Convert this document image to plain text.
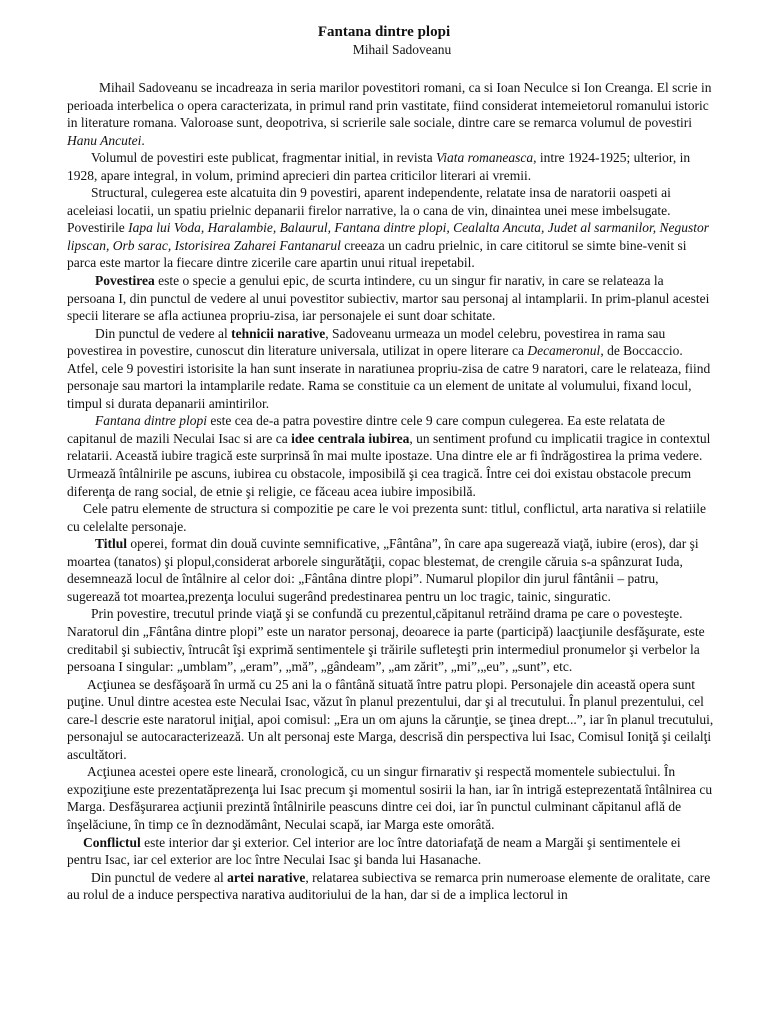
Fantana dintre plopi
Mihail Sadoveanu

Mihail Sadoveanu se incadreaza in seria marilor povestitori romani, ca si Ioan Neculce si Ion Creanga. El scrie in perioada interbelica o opera caracterizata, in primul rand prin vastitate, fiind considerat intemeietorul romanului istoric in literature romana. Valoroase sunt, deopotriva, si scrierile sale sociale, dintre care se remarca volumul de povestiri Hanu Ancutei.

Volumul de povestiri este publicat, fragmentar initial, in revista Viata romaneasca, intre 1924-1925; ulterior, in 1928, apare integral, in volum, primind aprecieri din partea criticilor literari ai vremii.

Structural, culegerea este alcatuita din 9 povestiri, aparent independente, relatate insa de naratorii oaspeti ai aceleiasi locatii, un spatiu prielnic depanarii firelor narrative, la o cana de vin, dinaintea unei mese imbelsugate. Povestirile Iapa lui Voda, Haralambie, Balaurul, Fantana dintre plopi, Cealalta Ancuta, Judet al sarmanilor, Negustor lipscan, Orb sarac, Istorisirea Zaharei Fantanarul creeaza un cadru prielnic, in care cititorul se simte bine-venit si parca este martor la fiecare dintre zicerile care apartin unui ritual irepetabil.

Povestirea este o specie a genului epic, de scurta intindere, cu un singur fir narativ, in care se relateaza la persoana I, din punctul de vedere al unui povestitor subiectiv, martor sau personaj al intamplarii. In prim-planul acestei specii literare se afla actiunea propriu-zisa, iar personajele ei sunt doar schitate.

Din punctul de vedere al tehnicii narative, Sadoveanu urmeaza un model celebru, povestirea in rama sau povestirea in povestire, cunoscut din literature universala, utilizat in opere literare ca Decameronul, de Boccaccio. Atfel, cele 9 povestiri istorisite la han sunt inserate in naratiunea propriu-zisa de catre 9 naratori, care le relateaza, fiind personaje sau martori la intamplarile redate. Rama se constituie ca un element de unitate al volumului, fixand locul, timpul si durata depanarii amintirilor.

Fantana dintre plopi este cea de-a patra povestire dintre cele 9 care compun culegerea. Ea este relatata de capitanul de mazili Neculai Isac si are ca idee centrala iubirea, un sentiment profund cu implicatii tragice in contextul relatarii. Această iubire tragică este surprinsă în mai multe ipostaze. Una dintre ele ar fi îndrăgostirea la prima vedere. Urmează întâlnirile pe ascuns, iubirea cu obstacole, imposibilă şi cea tragică. Între cei doi existau obstacole precum diferenţa de rang social, de etnie şi religie, ce făceau acea iubire imposibilă.

Cele patru elemente de structura si compozitie pe care le voi prezenta sunt: titlul, conflictul, arta narativa si relatiile cu celelalte personaje.

Titlul operei, format din două cuvinte semnificative, „Fântâna”, în care apa sugerează viaţă, iubire (eros), dar şi moartea (tanatos) şi plopul,considerat arborele singurătăţii, copac blestemat, de crengile căruia s-a spânzurat Iuda, desemnează locul de întâlnire al celor doi: „Fântâna dintre plopi”. Numarul plopilor din jurul fântânii – patru, sugerează tot moartea,prezenţa locului sugerând predestinarea pentru un loc tragic, tainic, singuratic.

Prin povestire, trecutul prinde viaţă şi se confundă cu prezentul,căpitanul retrăind drama pe care o povesteşte. Naratorul din „Fântâna dintre plopi” este un narator personaj, deoarece ia parte (participă) laacţiunile desfăşurate, este creditabil şi subiectiv, întrucât îşi exprimă sentimentele şi trăirile sufleteşti prin intermediul pronumelor şi verbelor la persoana I singular: „umblam”, „eram”, „mă”, „gândeam”, „am zărit”, „mi”,„eu”, „sunt”, etc.

Acţiunea se desfăşoară în urmă cu 25 ani la o fântână situată între patru plopi. Personajele din această opera sunt puţine. Unul dintre acestea este Neculai Isac, văzut în planul prezentului, dar şi al trecutului. În planul prezentului, cel care-l descrie este naratorul iniţial, apoi comisul: „Era un om ajuns la cărunţie, se ţinea drept...”, iar în planul trecutului, personajul se autocaracterizează. Un alt personaj este Marga, descrisă din perspectiva lui Isac, Comisul Ioniţă şi ceilalţi ascultători.

Acţiunea acestei opere este lineară, cronologică, cu un singur firnarativ şi respectă momentele subiectului. În expoziţiune este prezentatăprezenţa lui Isac precum şi momentul sosirii la han, iar în intrigă esteprezentată întâlnirea cu Marga. Desfăşurarea acţiunii prezintă întâlnirile peascuns dintre cei doi, iar în punctul culminant căpitanul află de înşelăciune, în timp ce în deznodământ, Neculai scapă, iar Marga este omorâtă.

Conflictul este interior dar şi exterior. Cel interior are loc între datoriafaţă de neam a Margăi şi sentimentele ei pentru Isac, iar cel exterior are loc între Neculai Isac şi banda lui Hasanache.

Din punctul de vedere al artei narative, relatarea subiectiva se remarca prin numeroase elemente de oralitate, care au rolul de a induce perspectiva narativa auditoriului de la han, dar si de a implica lectorul in
